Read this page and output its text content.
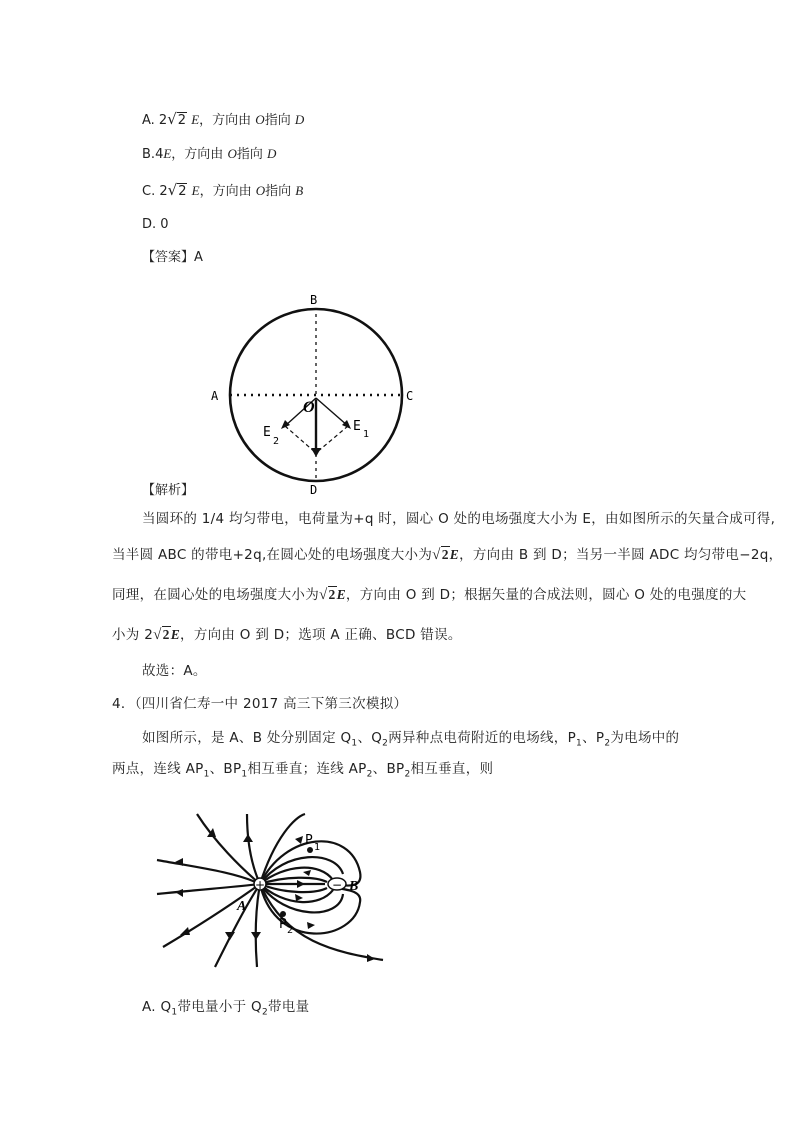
A. 2√2 E，方向由 O指向 D
B.4E，方向由 O指向 D
C. 2√2 E，方向由 O指向 B
D. 0
【答案】A
B
A	C
D
O
E
1
E
2
【解析】
当圆环的 1/4 均匀带电，电荷量为+q 时，圆心 O 处的电场强度大小为 E，由如图所示的矢量合成可得,
当半圆 ABC 的带电+2q,在圆心处的电场强度大小为√2E，方向由 B 到 D；当另一半圆 ADC 均匀带电−2q，
同理，在圆心处的电场强度大小为√2E，方向由 O 到 D；根据矢量的合成法则，圆心 O 处的电强度的大
小为 2√2E，方向由 O 到 D；选项 A 正确、BCD 错误。
故选：A。
4．（四川省仁寿一中 2017 高三下第三次模拟）
如图所示，是 A、B 处分别固定 $Q_1$、$Q_2$两异种点电荷附近的电场线，$P_1$、$P_2$为电场中的
两点，连线 $AP_1$、$BP_1$相互垂直；连线 $AP_2$、$BP_2$相互垂直，则
+	−
A
B
P 1
P 2
A. $Q_1$带电量小于 $Q_2$带电量
